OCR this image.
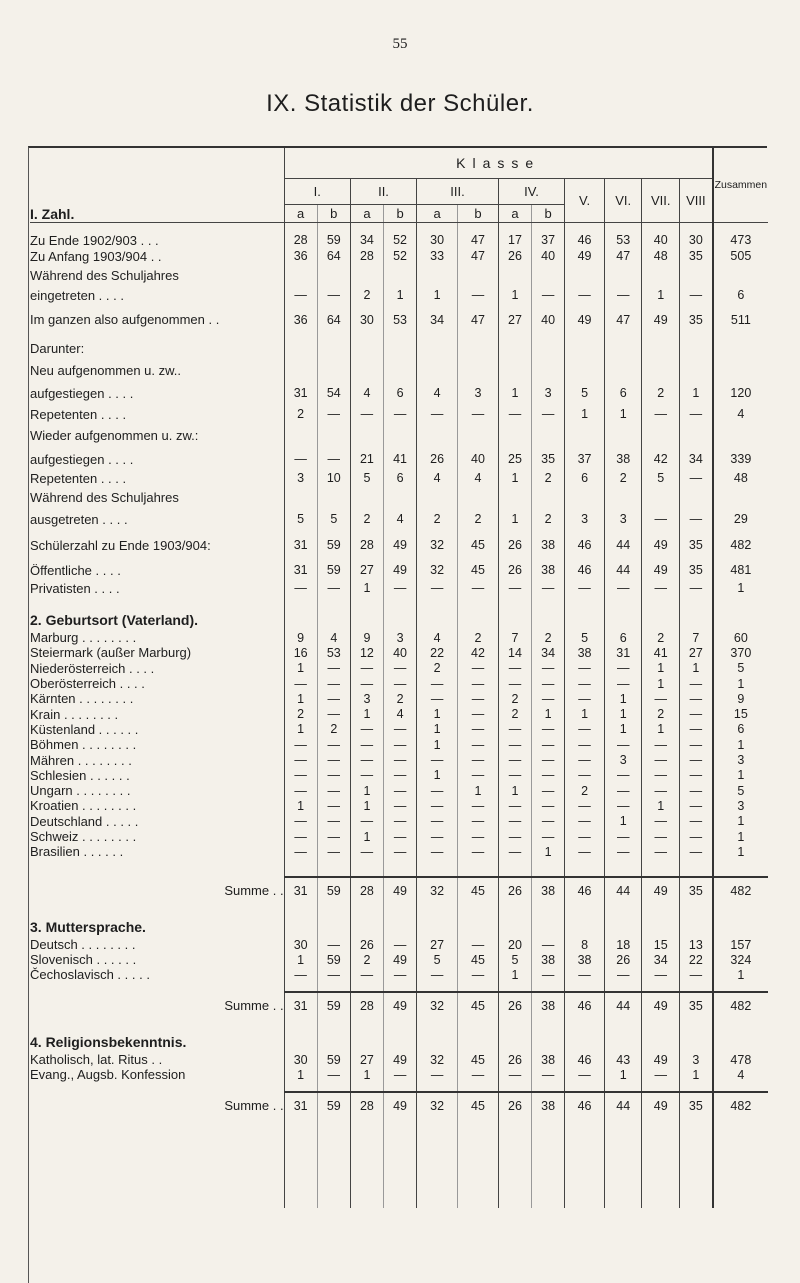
55
IX. Statistik der Schüler.
I. Zahl.	Klasse												Zusammen
	I.		II.		III.		IV.		V.	VI.	VII.	VIII	
	a	b	a	b	a	b	a	b					

Zu Ende 1902/903 . . .	28	59	34	52	30	47	17	37	46	53	40	30	473
Zu Anfang 1903/904 . .	36	64	28	52	33	47	26	40	49	47	48	35	505
Während des Schuljahres													
eingetreten . . . .	—	—	2	1	1	—	1	—	—	—	1	—	6
Im ganzen also aufgenommen . .	36	64	30	53	34	47	27	40	49	47	49	35	511
Darunter:													
Neu aufgenommen u. zw..													
aufgestiegen . . . .	31	54	4	6	4	3	1	3	5	6	2	1	120
Repetenten . . . .	2	—	—	—	—	—	—	—	1	1	—	—	4
Wieder aufgenommen u. zw.:													
aufgestiegen . . . .	—	—	21	41	26	40	25	35	37	38	42	34	339
Repetenten . . . .	3	10	5	6	4	4	1	2	6	2	5	—	48
Während des Schuljahres													
ausgetreten . . . .	5	5	2	4	2	2	1	2	3	3	—	—	29
Schülerzahl zu Ende 1903/904:	31	59	28	49	32	45	26	38	46	44	49	35	482
Öffentliche . . . .	31	59	27	49	32	45	26	38	46	44	49	35	481
Privatisten . . . .	—	—	1	—	—	—	—	—	—	—	—	—	1
2. Geburtsort (Vaterland).													
Marburg . . . . . . . .	9	4	9	3	4	2	7	2	5	6	2	7	60
Steiermark (außer Marburg)	16	53	12	40	22	42	14	34	38	31	41	27	370
Niederösterreich . . . .	1	—	—	—	2	—	—	—	—	—	1	1	5
Oberösterreich . . . .	—	—	—	—	—	—	—	—	—	—	1	—	1
Kärnten . . . . . . . .	1	—	3	2	—	—	2	—	—	1	—	—	9
Krain . . . . . . . .	2	—	1	4	1	—	2	1	1	1	2	—	15
Küstenland . . . . . .	1	2	—	—	1	—	—	—	—	1	1	—	6
Böhmen . . . . . . . .	—	—	—	—	1	—	—	—	—	—	—	—	1
Mähren . . . . . . . .	—	—	—	—	—	—	—	—	—	3	—	—	3
Schlesien . . . . . .	—	—	—	—	1	—	—	—	—	—	—	—	1
Ungarn . . . . . . . .	—	—	1	—	—	1	1	—	2	—	—	—	5
Kroatien . . . . . . . .	1	—	1	—	—	—	—	—	—	—	1	—	3
Deutschland . . . . .	—	—	—	—	—	—	—	—	—	1	—	—	1
Schweiz . . . . . . . .	—	—	1	—	—	—	—	—	—	—	—	—	1
Brasilien . . . . . .	—	—	—	—	—	—	—	1	—	—	—	—	1

Summe . .	31	59	28	49	32	45	26	38	46	44	49	35	482
3. Muttersprache.													
Deutsch . . . . . . . .	30	—	26	—	27	—	20	—	8	18	15	13	157
Slovenisch . . . . . .	1	59	2	49	5	45	5	38	38	26	34	22	324
Čechoslavisch . . . . .	—	—	—	—	—	—	1	—	—	—	—	—	1

Summe . .	31	59	28	49	32	45	26	38	46	44	49	35	482
4. Religionsbekenntnis.													
Katholisch, lat. Ritus . .	30	59	27	49	32	45	26	38	46	43	49	3	478
Evang., Augsb. Konfession	1	—	1	—	—	—	—	—	—	1	—	1	4

Summe . .	31	59	28	49	32	45	26	38	46	44	49	35	482
